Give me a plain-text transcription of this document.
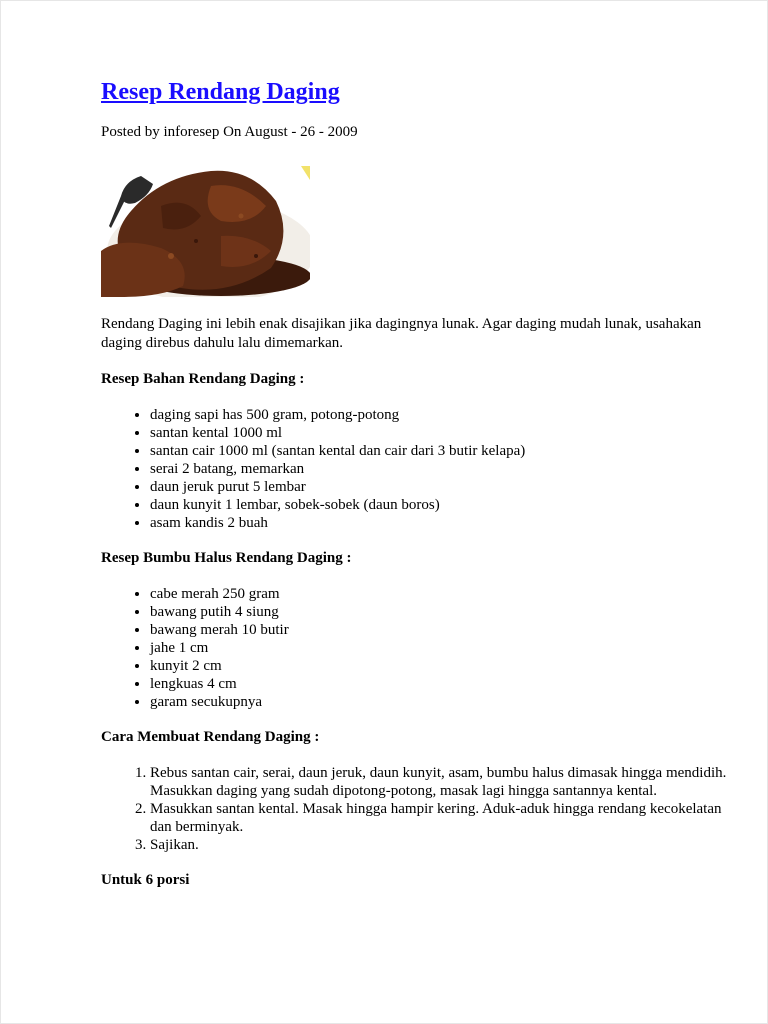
Resep Rendang Daging
Posted by inforesep On August - 26 - 2009
Rendang Daging ini lebih enak disajikan jika dagingnya lunak. Agar daging mudah lunak, usahakan daging direbus dahulu lalu dimemarkan.
Resep Bahan Rendang Daging :
• daging sapi has 500 gram, potong-potong
• santan kental 1000 ml
• santan cair 1000 ml (santan kental dan cair dari 3 butir kelapa)
• serai 2 batang, memarkan
• daun jeruk purut 5 lembar
• daun kunyit 1 lembar, sobek-sobek (daun boros)
• asam kandis 2 buah
Resep Bumbu Halus Rendang Daging :
• cabe merah 250 gram
• bawang putih 4 siung
• bawang merah 10 butir
• jahe 1 cm
• kunyit 2 cm
• lengkuas 4 cm
• garam secukupnya
Cara Membuat Rendang Daging :
1. Rebus santan cair, serai, daun jeruk, daun kunyit, asam, bumbu halus dimasak hingga mendidih. Masukkan daging yang sudah dipotong-potong, masak lagi hingga santannya kental.
2. Masukkan santan kental. Masak hingga hampir kering. Aduk-aduk hingga rendang kecokelatan dan berminyak.
3. Sajikan.
Untuk 6 porsi
